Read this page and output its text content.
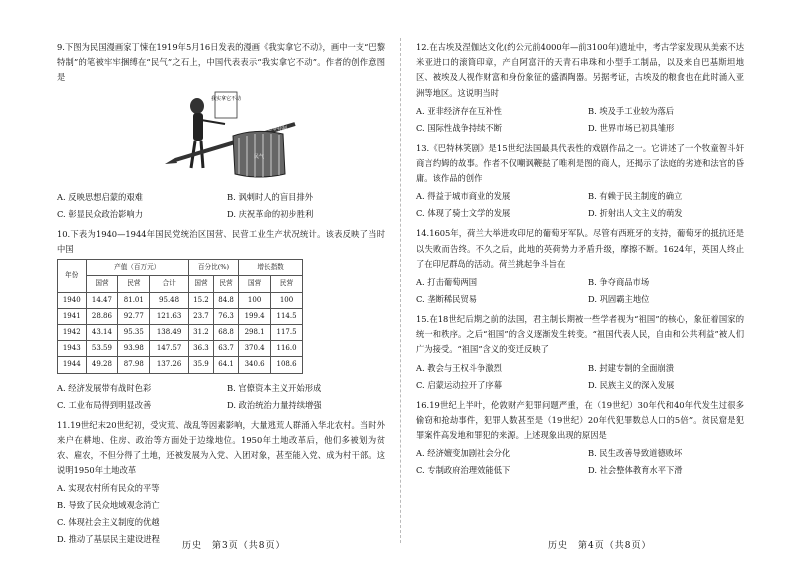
9.下图为民国漫画家丁悚在1919年5月16日发表的漫画《我实拿它不动》，画中一支“巴黎特制”的笔被牢牢捆缚在“民气”之石上，中国代表表示“我实拿它不动”。作者的创作意图是

我实拿它不动
巴黎特制
民气
A. 反映思想启蒙的艰难	B. 讽刺时人的盲目排外
C. 彰显民众政治影响力	D. 庆祝革命的初步胜利

10.下表为1940—1944年国民党统治区国营、民营工业生产状况统计。该表反映了当时中国

年份	产值（百万元）			百分比(%)		增长指数	
	国营	民营	合计	国营	民营	国营	民营
1940	14.47	81.01	95.48	15.2	84.8	100	100
1941	28.86	92.77	121.63	23.7	76.3	199.4	114.5
1942	43.14	95.35	138.49	31.2	68.8	298.1	117.5
1943	53.59	93.98	147.57	36.3	63.7	370.4	116.0
1944	49.28	87.98	137.26	35.9	64.1	340.6	108.6
A. 经济发展带有战时色彩	B. 官僚资本主义开始形成
C. 工业布局得到明显改善	D. 政治统治力量持续增强

11.19世纪末20世纪初，受灾荒、战乱等因素影响，大量逃荒人群涌入华北农村。当时外来户在耕地、住房、政治等方面处于边缘地位。1950年土地改革后，他们多被划为贫农、雇农，不但分得了土地，还被发展为入党、入团对象，甚至能入党、成为村干部。这说明1950年土地改革

A. 实现农村所有民众的平等
B. 导致了民众地域观念消亡
C. 体现社会主义制度的优越
D. 推动了基层民主建设进程

12.在古埃及涅伽达文化(约公元前4000年—前3100年)遗址中，考古学家发现从美索不达米亚进口的滚筒印章，产自阿富汗的天青石串珠和小型手工制品，以及来自巴基斯坦地区、被埃及人视作财富和身份象征的盛酒陶器。另据考证，古埃及的粮食也在此时涌入亚洲等地区。这说明当时

A. 亚非经济存在互补性	B. 埃及手工业较为落后
C. 国际性战争持续不断	D. 世界市场已初具雏形

13.《巴特林笑剧》是15世纪法国最具代表性的戏剧作品之一。它讲述了一个牧童智斗奸商言约姆的故事。作者不仅嘲讽鞭挞了唯利是图的商人，还揭示了法庭的劣迹和法官的昏庸。该作品的创作

A. 得益于城市商业的发展	B. 有赖于民主制度的确立
C. 体现了骑士文学的发展	D. 折射出人文主义的萌发

14.1605年，荷兰大举进攻印尼的葡萄牙军队。尽管有西班牙的支持，葡萄牙的抵抗还是以失败而告终。不久之后，此地的英荷势力矛盾升级，摩擦不断。1624年，英国人终止了在印尼群岛的活动。荷兰挑起争斗旨在

A. 打击葡萄两国	B. 争夺商品市场
C. 垄断稀民贸易	D. 巩固霸主地位

15.在18世纪后期之前的法国，君主制长期被一些学者视为“祖国”的核心，象征着国家的统一和秩序。之后“祖国”的含义逐渐发生转变。“祖国代表人民，自由和公共利益”被人们广为接受。“祖国”含义的变迁反映了

A. 教会与王权斗争激烈	B. 封建专制的全面崩溃
C. 启蒙运动拉开了序幕	D. 民族主义的深入发展

16.19世纪上半叶，伦敦财产犯罪问题严重，在（19世纪）30年代和40年代发生过很多偷窃和抢劫事件，犯罪人数甚至是（19世纪）20年代犯罪数总人口的5倍”。贫民窟是犯罪案件高发地和罪犯的来源。上述现象出现的原因是

A. 经济嬗变加剧社会分化	B. 民生改善导致道德败坏
C. 专制政府治理效能低下	D. 社会整体教育水平下滑
历史　第3页（共8页）	历史　第4页（共8页）
